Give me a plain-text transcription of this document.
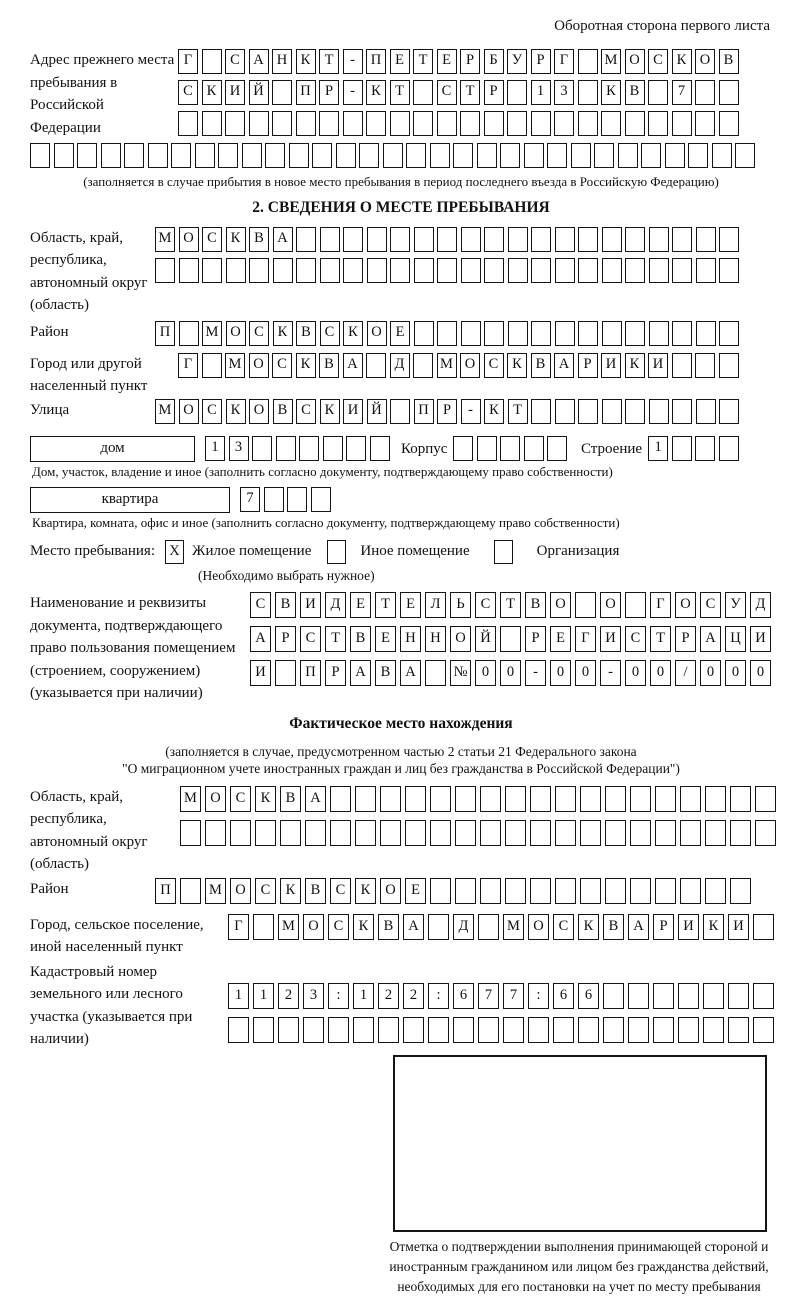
Оборотная сторона первого листа
Адрес прежнего места пребывания в Российской Федерации
Г	С А Н К Т - П Е Т Е Р Б У Р Г	М О С К О В
С К И Й	П Р - К Т	С Т Р	1 3	К В	7
(заполняется в случае прибытия в новое место пребывания в период последнего въезда в Российскую Федерацию)
2. СВЕДЕНИЯ О МЕСТЕ ПРЕБЫВАНИЯ
Область, край, республика, автономный округ (область)
М О С К В А
Район	П М О С К В С К О Е
Город или другой населенный пункт
Г	М О С К В А	Д М О С К В А Р И К И
Улица	М О С К О В С К И Й	П Р - К Т
дом	1 3	Корпус	Строение 1
Дом, участок, владение и иное (заполнить согласно документу, подтверждающему право собственности)
квартира	7
Квартира, комната, офис и иное (заполнить согласно документу, подтверждающему право собственности)
Место пребывания: X Жилое помещение	Иное помещение	Организация
(Необходимо выбрать нужное)
Наименование и реквизиты документа, подтверждающего право пользования помещением (строением, сооружением) (указывается при наличии)
С В И Д Е Т Е Л Ь С Т В О	О	Г О С У Д
А Р С Т В Е Н Н О Й	Р Е Г И С Т Р А Ц И
И	П Р А В А	№ 0 0 - 0 0 - 0 0 / 0 0 0
Фактическое место нахождения
(заполняется в случае, предусмотренном частью 2 статьи 21 Федерального закона
"О миграционном учете иностранных граждан и лиц без гражданства в Российской Федерации")
Область, край, республика, автономный округ (область)
М О С К В А
Район	П	М О С К В С К О Е
Город, сельское поселение, иной населенный пункт
Г	М О С К В А	Д	М О С К В А Р И К И
Кадастровый номер земельного или лесного участка (указывается при наличии)
1 1 2 3 : 1 2 2 : 6 7 7 : 6 6
Отметка о подтверждении выполнения принимающей стороной и иностранным гражданином или лицом без гражданства действий, необходимых для его постановки на учет по месту пребывания
